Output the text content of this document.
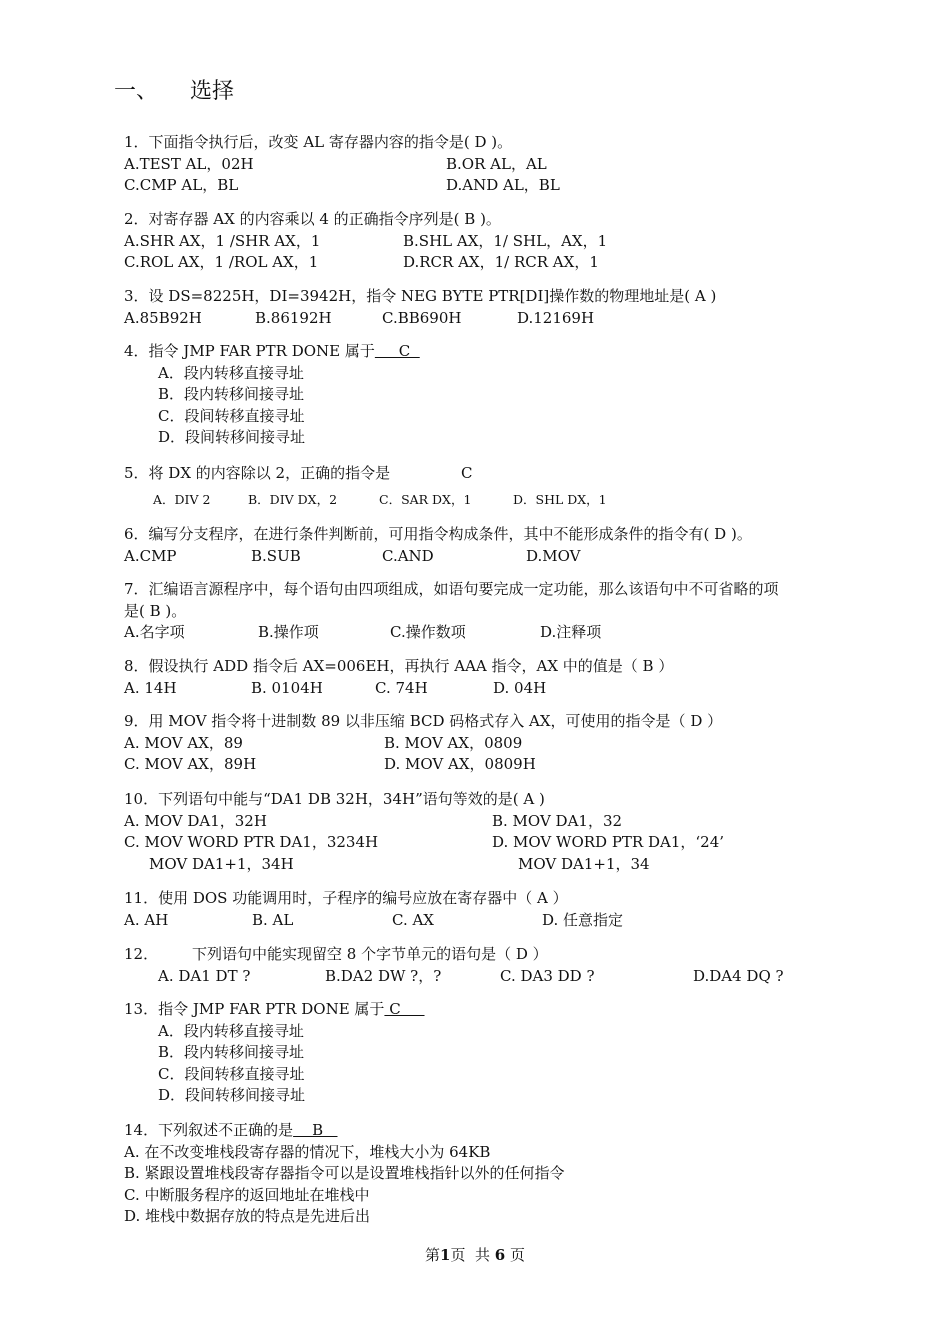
一、 选择
1．下面指令执行后，改变 AL 寄存器内容的指令是( D )。
A.TEST AL，02H	B.OR AL，AL
C.CMP AL，BL	D.AND AL，BL
2．对寄存器 AX 的内容乘以 4 的正确指令序列是( B )。
A.SHR AX，1 /SHR AX，1	B.SHL AX，1/ SHL，AX，1
C.ROL AX，1 /ROL AX，1	D.RCR AX，1/ RCR AX，1
3．设 DS=8225H，DI=3942H，指令 NEG BYTE PTR[DI]操作数的物理地址是( A )
A.85B92H	B.86192H	C.BB690H	D.12169H
4．指令 JMP FAR PTR DONE 属于     C
A．段内转移直接寻址
B．段内转移间接寻址
C．段间转移直接寻址
D．段间转移间接寻址
5．将 DX 的内容除以 2，正确的指令是	C
A．DIV 2	B．DIV DX，2	C．SAR DX，1	D．SHL DX，1
6．编写分支程序，在进行条件判断前，可用指令构成条件，其中不能形成条件的指令有( D )。
A.CMP	B.SUB	C.AND	D.MOV
7．汇编语言源程序中，每个语句由四项组成，如语句要完成一定功能，那么该语句中不可省略的项
是( B )。
A.名字项	B.操作项	C.操作数项	D.注释项
8．假设执行 ADD 指令后 AX=006EH，再执行 AAA 指令，AX 中的值是（ B ）
A. 14H	B. 0104H	C. 74H	D. 04H
9．用 MOV 指令将十进制数 89 以非压缩 BCD 码格式存入 AX，可使用的指令是（ D ）
A. MOV AX，89	B. MOV AX，0809
C. MOV AX，89H	D. MOV AX，0809H
10．下列语句中能与“DA1 DB 32H，34H”语句等效的是( A )
A. MOV DA1，32H	B. MOV DA1，32
C. MOV WORD PTR DA1，3234H	D. MOV WORD PTR DA1，‘24’
MOV DA1+1，34H	MOV DA1+1，34
11．使用 DOS 功能调用时，子程序的编号应放在寄存器中（ A ）
A. AH	B. AL	C. AX	D. 任意指定
12． 下列语句中能实现留空 8 个字节单元的语句是（ D ）
A. DA1 DT ?	B.DA2 DW ?，?	C. DA3 DD ?	D.DA4 DQ ?
13．指令 JMP FAR PTR DONE 属于 C
A．段内转移直接寻址
B．段内转移间接寻址
C．段间转移直接寻址
D．段间转移间接寻址
14．下列叙述不正确的是    B
A. 在不改变堆栈段寄存器的情况下，堆栈大小为 64KB
B. 紧跟设置堆栈段寄存器指令可以是设置堆栈指针以外的任何指令
C. 中断服务程序的返回地址在堆栈中
D. 堆栈中数据存放的特点是先进后出
第1页  共 6 页
